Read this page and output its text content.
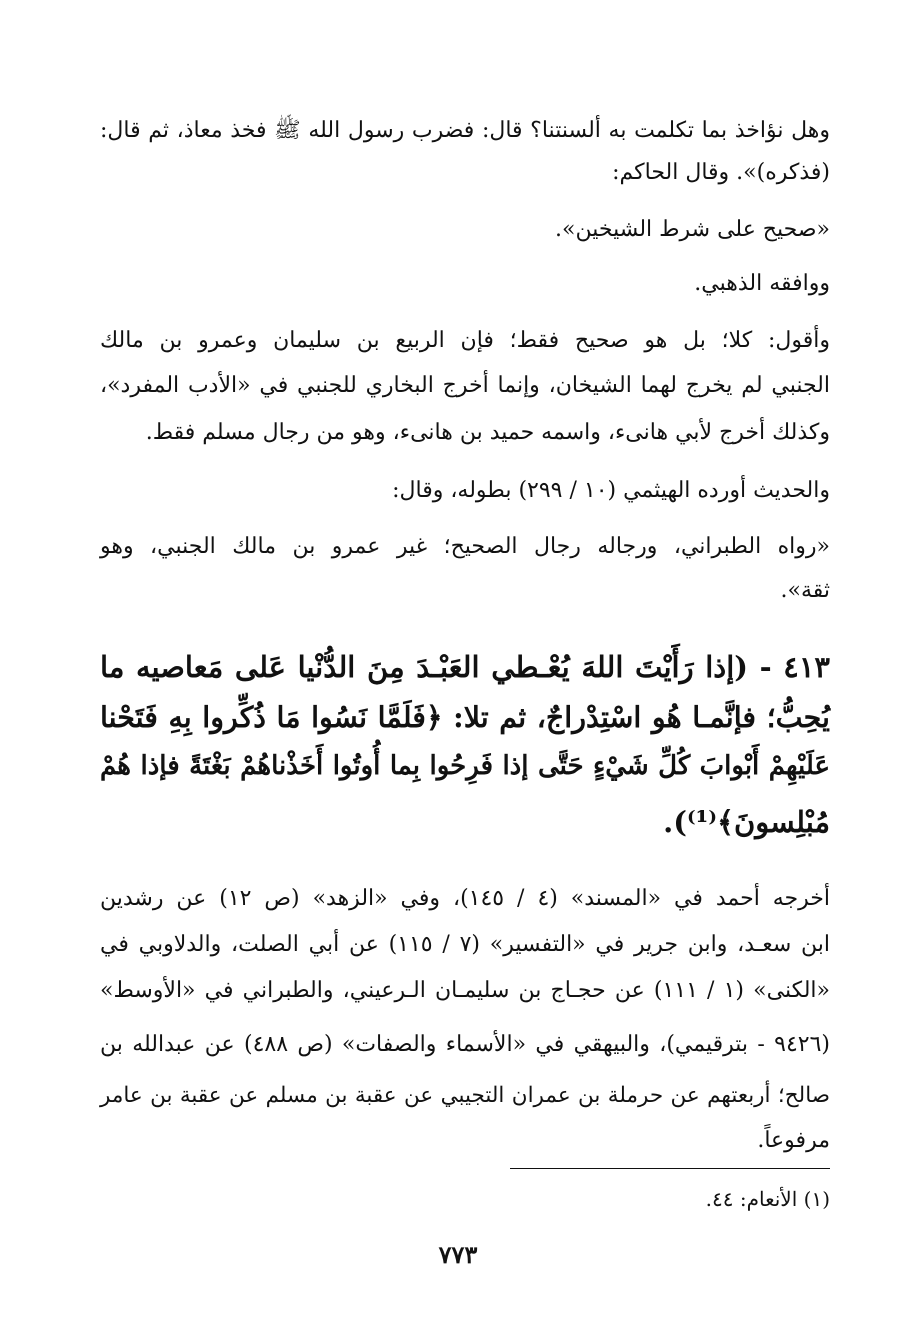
وهل نؤاخذ بما تكلمت به ألسنتنا؟ قال: فضرب رسول الله ﷺ فخذ معاذ، ثم قال:
(فذكره)». وقال الحاكم:
«صحيح على شرط الشيخين».
ووافقه الذهبي.
وأقول: كلا؛ بل هو صحيح فقط؛ فإن الربيع بن سليمان وعمرو بن مالك
الجنبي لم يخرج لهما الشيخان، وإنما أخرج البخاري للجنبي في «الأدب المفرد»،
وكذلك أخرج لأبي هانىء، واسمه حميد بن هانىء، وهو من رجال مسلم فقط.
والحديث أورده الهيثمي (١٠ / ٢٩٩) بطوله، وقال:
«رواه الطبراني، ورجاله رجال الصحيح؛ غير عمرو بن مالك الجنبي، وهو
ثقة».
٤١٣ - (إذا رَأَيْتَ اللهَ يُعْـطي العَبْـدَ مِنَ الدُّنْيا عَلى مَعاصيه ما
يُحِبُّ؛ فإنَّمـا هُو اسْتِدْراجٌ، ثم تلا: ﴿فَلَمَّا نَسُوا مَا ذُكِّروا بِهِ فَتَحْنا
عَلَيْهِمْ أَبْوابَ كُلِّ شَيْءٍ حَتَّى إذا فَرِحُوا بِما أُوتُوا أَخَذْناهُمْ بَغْتَةً فإذا هُمْ
مُبْلِسونَ﴾⁽¹⁾).
أخرجه أحمد في «المسند» (٤ / ١٤٥)، وفي «الزهد» (ص ١٢) عن رشدين
ابن سعـد، وابن جرير في «التفسير» (٧ / ١١٥) عن أبي الصلت، والدلاوبي في
«الكنى» (١ / ١١١) عن حجـاج بن سليمـان الـرعيني، والطبراني في «الأوسط»
(٩٤٢٦ - بترقيمي)، والبيهقي في «الأسماء والصفات» (ص ٤٨٨) عن عبدالله بن
صالح؛ أربعتهم عن حرملة بن عمران التجيبي عن عقبة بن مسلم عن عقبة بن عامر
مرفوعاً.
(١) الأنعام: ٤٤.
٧٧٣
